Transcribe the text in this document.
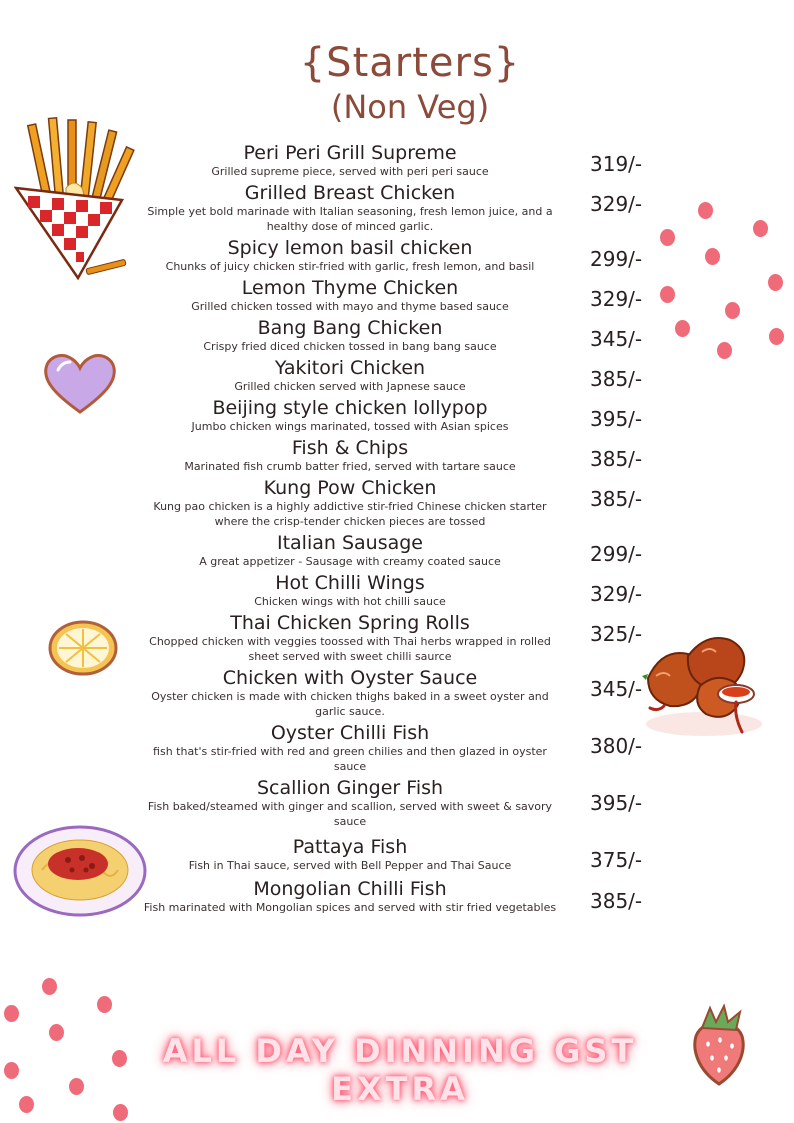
{Starters}
(Non Veg)
Peri Peri Grill Supreme
Grilled supreme piece, served with peri peri sauce	319/-
Grilled Breast Chicken
Simple yet bold marinade with Italian seasoning, fresh lemon juice, and a healthy dose of minced garlic.
329/-
Spicy lemon basil chicken
Chunks of juicy chicken stir-fried with garlic, fresh lemon, and basil	299/-
Lemon Thyme Chicken
Grilled chicken tossed with mayo and thyme based sauce	329/-
Bang Bang Chicken
Crispy fried diced chicken tossed in bang bang sauce	345/-
Yakitori Chicken
Grilled chicken served with Japnese sauce	385/-
Beijing style chicken lollypop
Jumbo chicken wings marinated, tossed with Asian spices	395/-
Fish & Chips
Marinated fish crumb batter fried, served with tartare sauce	385/-
Kung Pow Chicken
Kung pao chicken is a highly addictive stir-fried Chinese chicken starter where the crisp-tender chicken pieces are tossed
385/-
Italian Sausage
A great appetizer - Sausage with creamy coated sauce	299/-
Hot Chilli Wings
Chicken wings with hot chilli sauce	329/-
Thai Chicken Spring Rolls
Chopped chicken with veggies toossed with Thai herbs wrapped in rolled sheet served with sweet chilli saurce
325/-
Chicken with Oyster Sauce
Oyster chicken is made with chicken thighs baked in a sweet oyster and garlic sauce.
345/-
Oyster Chilli Fish
fish that's stir-fried with red and green chilies and then glazed in oyster sauce
380/-
Scallion Ginger Fish
Fish baked/steamed with ginger and scallion, served with sweet & savory sauce
395/-
Pattaya Fish
Fish in Thai sauce, served with Bell Pepper and Thai Sauce	375/-
Mongolian Chilli Fish
Fish marinated with Mongolian spices and served with stir fried vegetables 385/-
ALL DAY DINNING GST
EXTRA
